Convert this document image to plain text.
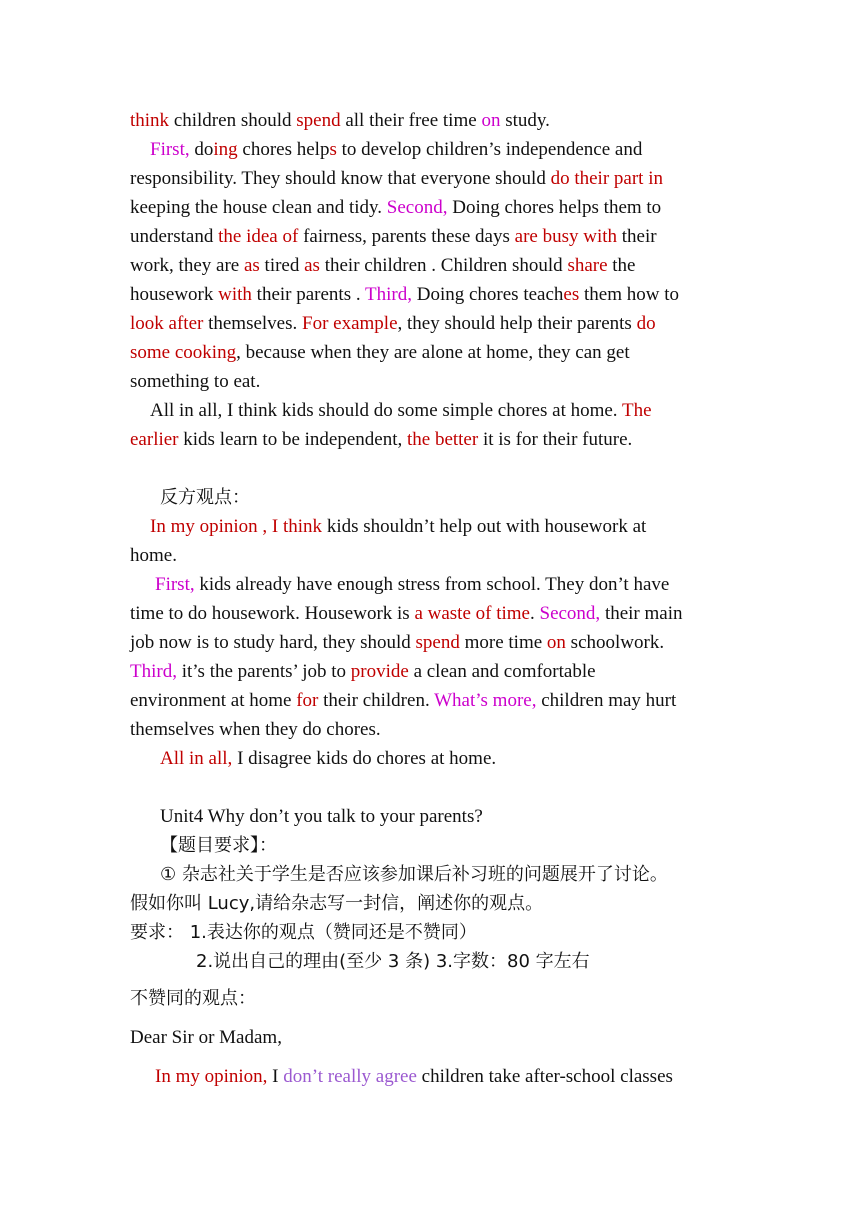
think children should spend all their free time on study.
First, doing chores helps to develop children’s independence and
responsibility. They should know that everyone should do their part in
keeping the house clean and tidy. Second, Doing chores helps them to
understand the idea of fairness, parents these days are busy with their
work, they are as tired as their children . Children should share the
housework with their parents . Third, Doing chores teaches them how to
look after themselves. For example, they should help their parents do
some cooking, because when they are alone at home, they can get
something to eat.
All in all, I think kids should do some simple chores at home. The
earlier kids learn to be independent, the better it is for their future.
反方观点：
In my opinion , I think kids shouldn’t help out with housework at
home.
First, kids already have enough stress from school. They don’t have
time to do housework. Housework is a waste of time. Second, their main
job now is to study hard, they should spend more time on schoolwork.
Third, it’s the parents’ job to provide a clean and comfortable
environment at home for their children. What’s more, children may hurt
themselves when they do chores.
All in all, I disagree kids do chores at home.
Unit4 Why don’t you talk to your parents?
【题目要求】：
① 杂志社关于学生是否应该参加课后补习班的问题展开了讨论。
假如你叫 Lucy,请给杂志写一封信，阐述你的观点。
要求： 1.表达你的观点（赞同还是不赞同）
2.说出自己的理由(至少 3 条) 3.字数：80 字左右
不赞同的观点：
Dear Sir or Madam,
In my opinion, I don’t really agree children take after-school classes
